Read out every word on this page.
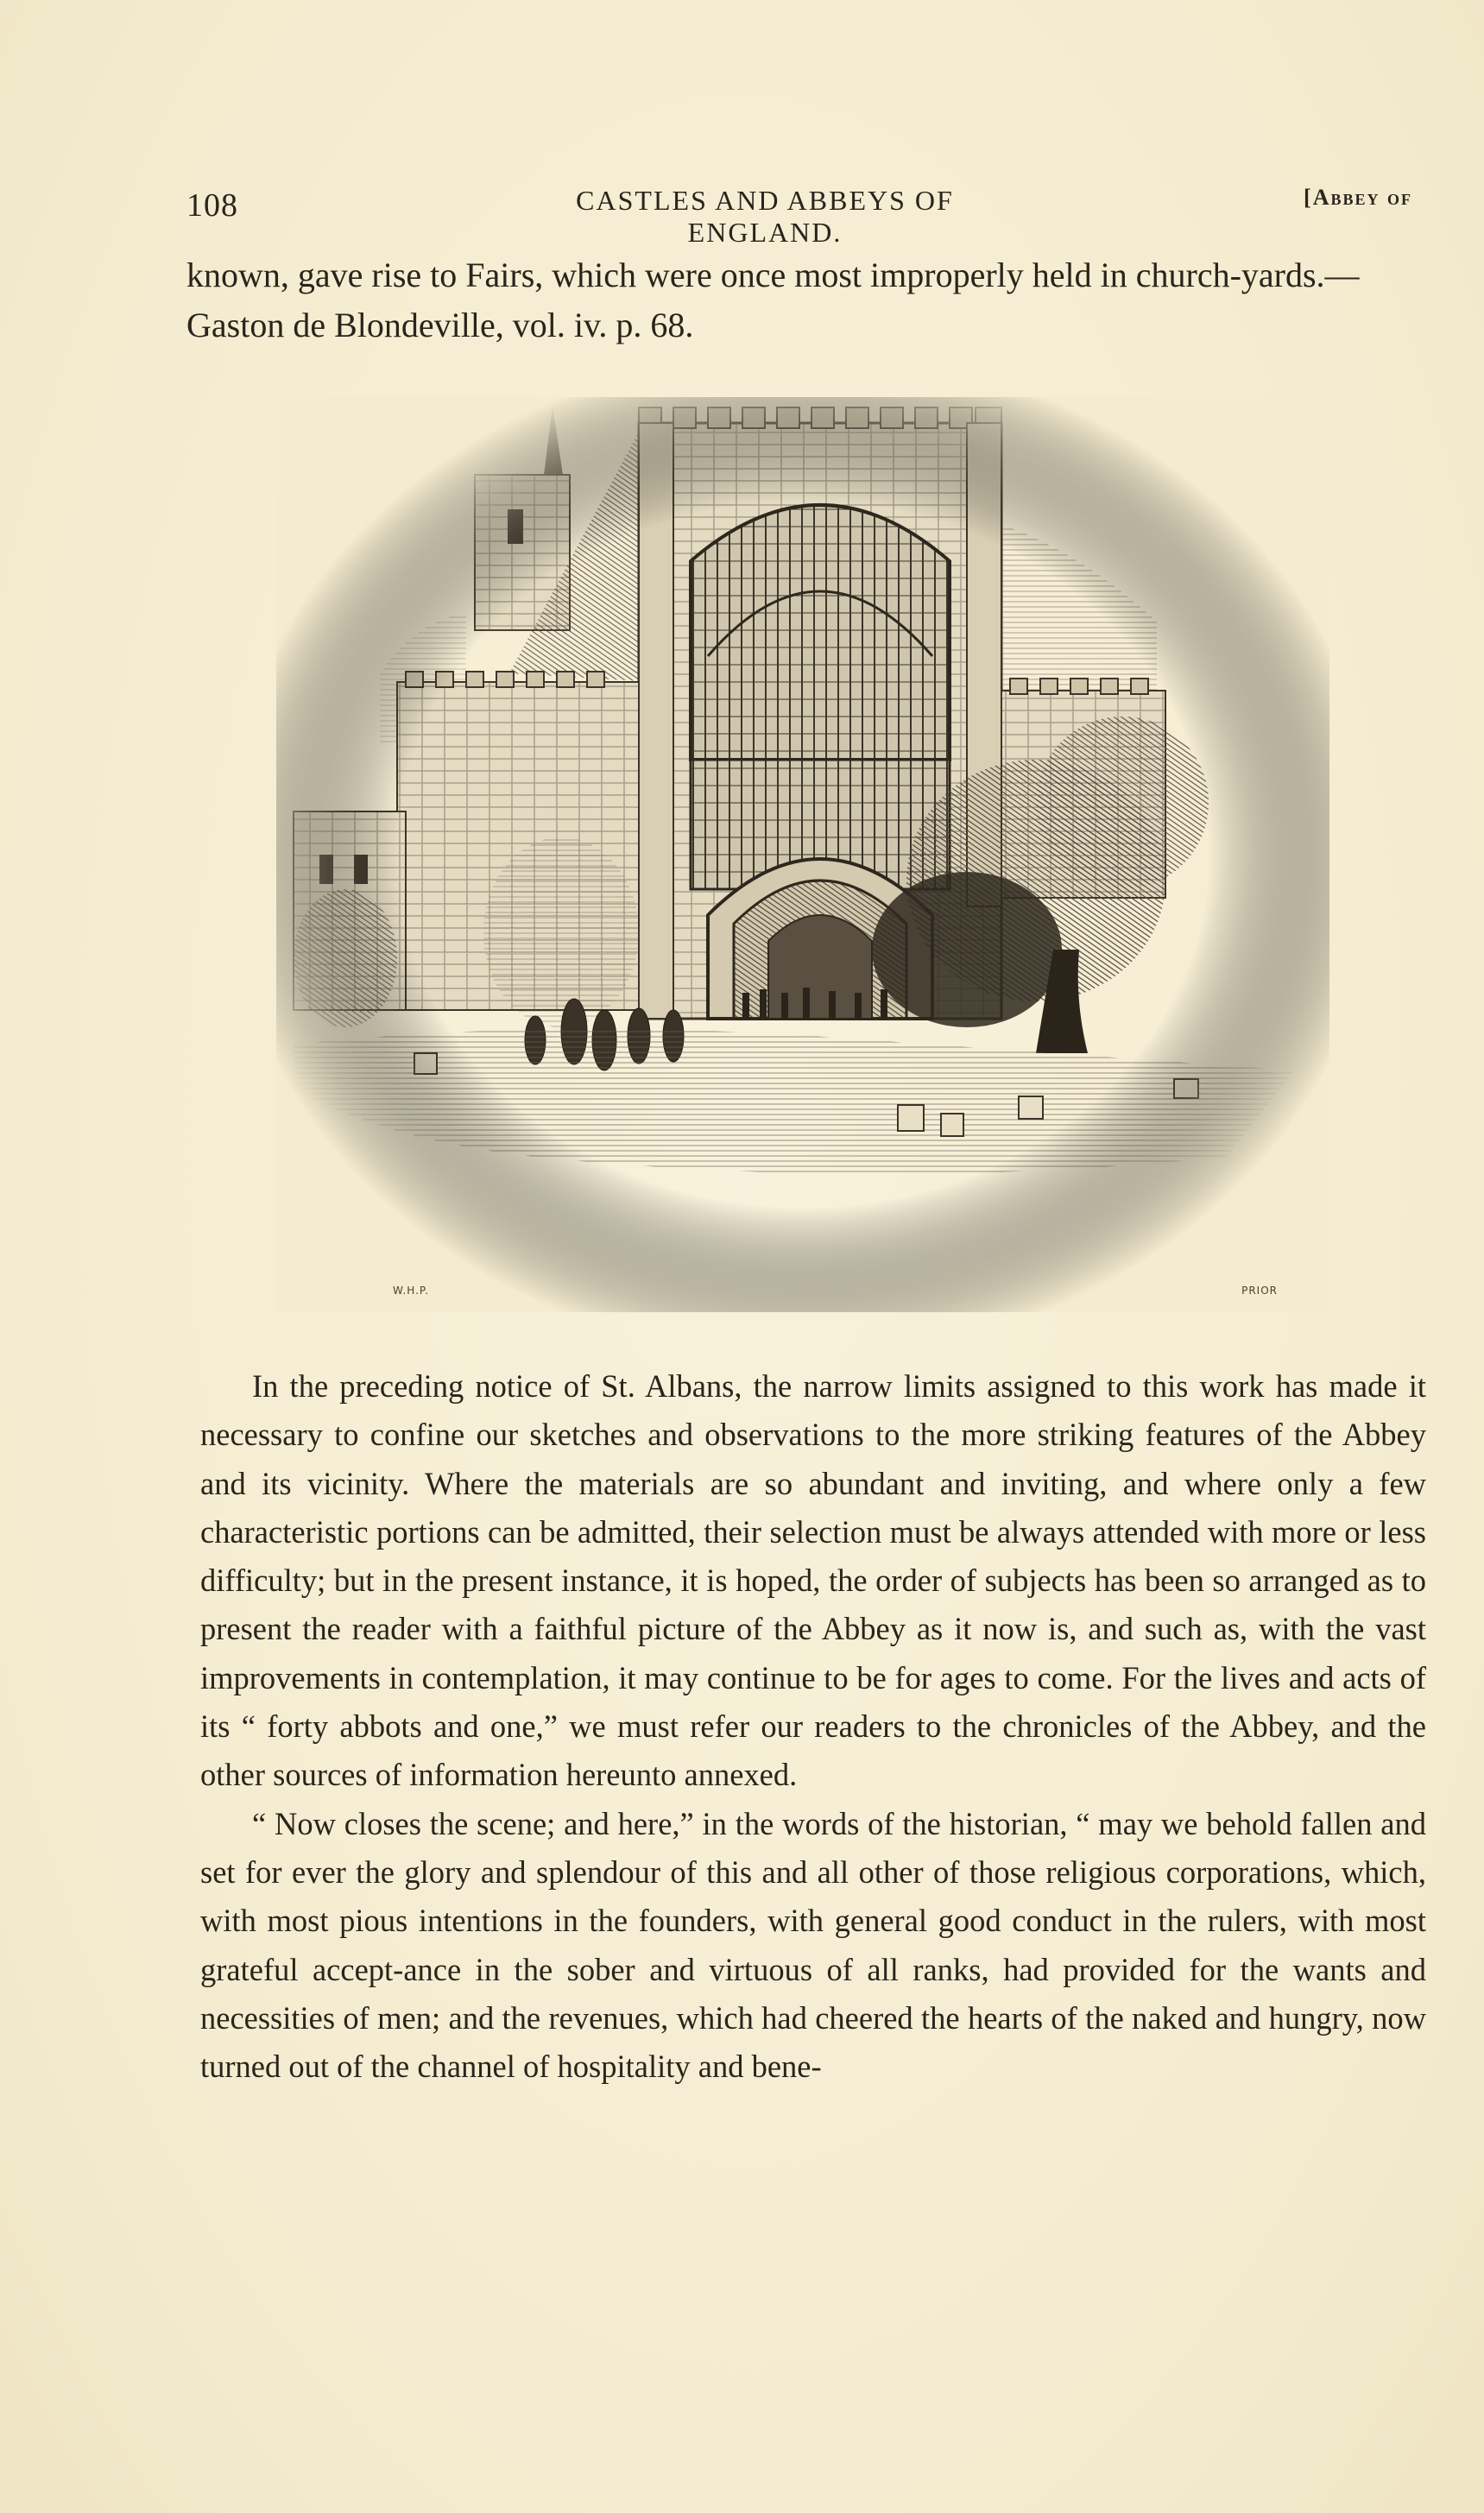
108	CASTLES AND ABBEYS OF ENGLAND.
[Abbey of

known, gave rise to Fairs, which were once most improperly held in church-yards.—Gaston de Blondeville, vol. iv. p. 68.

W.H.P.	PRIOR

In the preceding notice of St. Albans, the narrow limits assigned to this work has made it necessary to confine our sketches and observations to the more striking features of the Abbey and its vicinity. Where the materials are so abundant and inviting, and where only a few characteristic portions can be admitted, their selection must be always attended with more or less difficulty; but in the present instance, it is hoped, the order of subjects has been so arranged as to present the reader with a faithful picture of the Abbey as it now is, and such as, with the vast improvements in contemplation, it may continue to be for ages to come. For the lives and acts of its “ forty abbots and one,” we must refer our readers to the chronicles of the Abbey, and the other sources of information hereunto annexed.

“ Now closes the scene; and here,” in the words of the historian, “ may we behold fallen and set for ever the glory and splendour of this and all other of those religious corporations, which, with most pious intentions in the founders, with general good conduct in the rulers, with most grateful accept-ance in the sober and virtuous of all ranks, had provided for the wants and necessities of men; and the revenues, which had cheered the hearts of the naked and hungry, now turned out of the channel of hospitality and bene-
